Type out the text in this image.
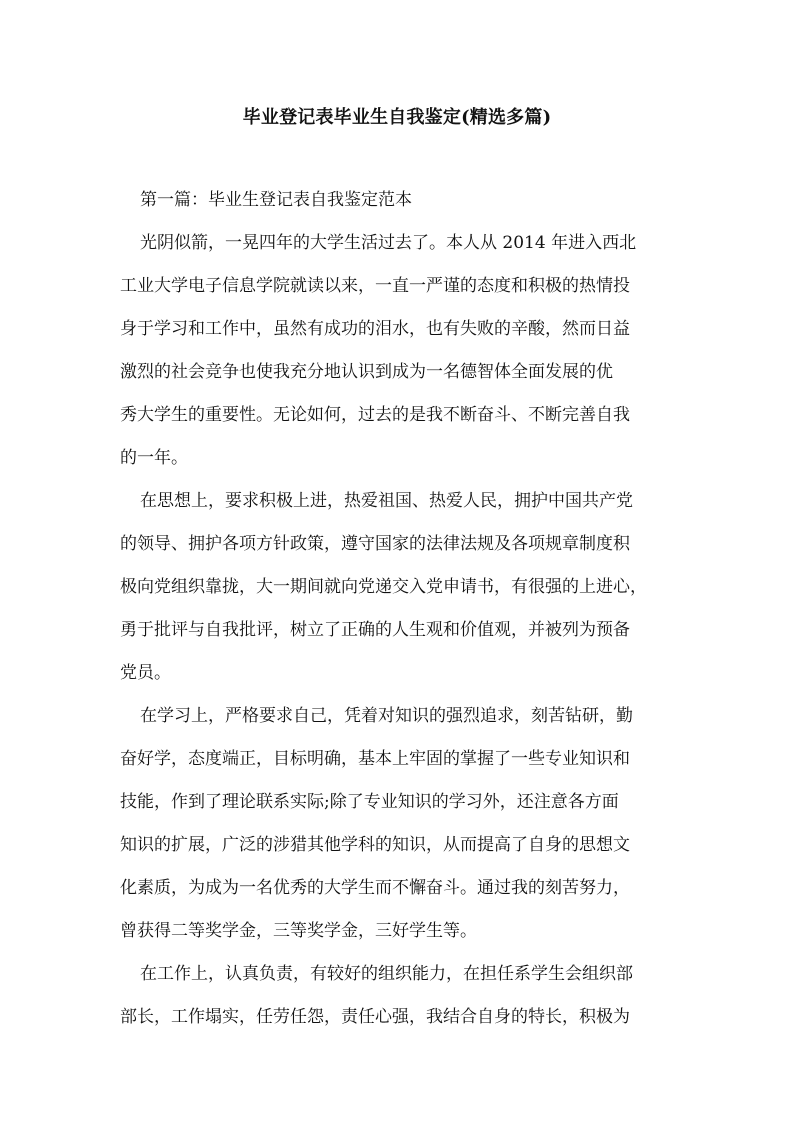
毕业登记表毕业生自我鉴定(精选多篇)
第一篇：毕业生登记表自我鉴定范本
光阴似箭，一晃四年的大学生活过去了。本人从 2014 年进入西北
工业大学电子信息学院就读以来，一直一严谨的态度和积极的热情投
身于学习和工作中，虽然有成功的泪水，也有失败的辛酸，然而日益
激烈的社会竞争也使我充分地认识到成为一名德智体全面发展的优
秀大学生的重要性。无论如何，过去的是我不断奋斗、不断完善自我
的一年。
在思想上，要求积极上进，热爱祖国、热爱人民，拥护中国共产党
的领导、拥护各项方针政策，遵守国家的法律法规及各项规章制度积
极向党组织靠拢，大一期间就向党递交入党申请书，有很强的上进心，
勇于批评与自我批评，树立了正确的人生观和价值观，并被列为预备
党员。
在学习上，严格要求自己，凭着对知识的强烈追求，刻苦钻研，勤
奋好学，态度端正，目标明确，基本上牢固的掌握了一些专业知识和
技能，作到了理论联系实际;除了专业知识的学习外，还注意各方面
知识的扩展，广泛的涉猎其他学科的知识，从而提高了自身的思想文
化素质，为成为一名优秀的大学生而不懈奋斗。通过我的刻苦努力，
曾获得二等奖学金，三等奖学金，三好学生等。
在工作上，认真负责，有较好的组织能力，在担任系学生会组织部
部长，工作塌实，任劳任怨，责任心强，我结合自身的特长，积极为
